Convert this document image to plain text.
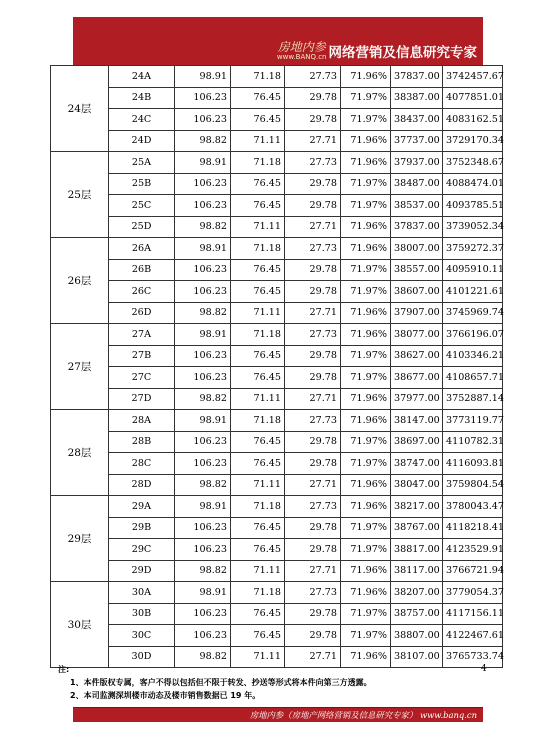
房地内参
www.BANQ.cn 网络营销及信息研究专家
24层	24A	98.91	71.18	27.73	71.96%	37837.00	3742457.67
	24B	106.23	76.45	29.78	71.97%	38387.00	4077851.01
	24C	106.23	76.45	29.78	71.97%	38437.00	4083162.51
	24D	98.82	71.11	27.71	71.96%	37737.00	3729170.34
25层	25A	98.91	71.18	27.73	71.96%	37937.00	3752348.67
	25B	106.23	76.45	29.78	71.97%	38487.00	4088474.01
	25C	106.23	76.45	29.78	71.97%	38537.00	4093785.51
	25D	98.82	71.11	27.71	71.96%	37837.00	3739052.34
26层	26A	98.91	71.18	27.73	71.96%	38007.00	3759272.37
	26B	106.23	76.45	29.78	71.97%	38557.00	4095910.11
	26C	106.23	76.45	29.78	71.97%	38607.00	4101221.61
	26D	98.82	71.11	27.71	71.96%	37907.00	3745969.74
27层	27A	98.91	71.18	27.73	71.96%	38077.00	3766196.07
	27B	106.23	76.45	29.78	71.97%	38627.00	4103346.21
	27C	106.23	76.45	29.78	71.97%	38677.00	4108657.71
	27D	98.82	71.11	27.71	71.96%	37977.00	3752887.14
28层	28A	98.91	71.18	27.73	71.96%	38147.00	3773119.77
	28B	106.23	76.45	29.78	71.97%	38697.00	4110782.31
	28C	106.23	76.45	29.78	71.97%	38747.00	4116093.81
	28D	98.82	71.11	27.71	71.96%	38047.00	3759804.54
29层	29A	98.91	71.18	27.73	71.96%	38217.00	3780043.47
	29B	106.23	76.45	29.78	71.97%	38767.00	4118218.41
	29C	106.23	76.45	29.78	71.97%	38817.00	4123529.91
	29D	98.82	71.11	27.71	71.96%	38117.00	3766721.94
30层	30A	98.91	71.18	27.73	71.96%	38207.00	3779054.37
	30B	106.23	76.45	29.78	71.97%	38757.00	4117156.11
	30C	106.23	76.45	29.78	71.97%	38807.00	4122467.61
	30D	98.82	71.11	27.71	71.96%	38107.00	3765733.74
4
注:
1、本件版权专属，客户不得以包括但不限于转发、抄送等形式将本件向第三方透露。
2、本司监测深圳楼市动态及楼市销售数据已 19 年。
房地内参（房地产网络营销及信息研究专家） www.banq.cn
